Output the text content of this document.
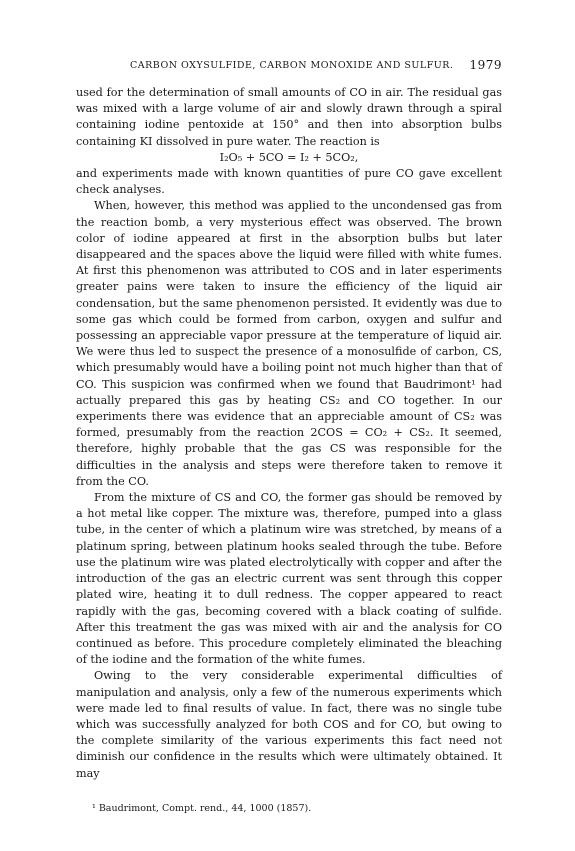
CARBON OXYSULFIDE, CARBON MONOXIDE AND SULFUR. 1979

used for the determination of small amounts of CO in air. The residual gas was mixed with a large volume of air and slowly drawn through a spiral containing iodine pentoxide at 150° and then into absorption bulbs containing KI dissolved in pure water. The reaction is

I₂O₅ + 5CO = I₂ + 5CO₂,

and experiments made with known quantities of pure CO gave excellent check analyses.

When, however, this method was applied to the uncondensed gas from the reaction bomb, a very mysterious effect was observed. The brown color of iodine appeared at first in the absorption bulbs but later disappeared and the spaces above the liquid were filled with white fumes. At first this phenomenon was attributed to COS and in later esperiments greater pains were taken to insure the efficiency of the liquid air condensation, but the same phenomenon persisted. It evidently was due to some gas which could be formed from carbon, oxygen and sulfur and possessing an appreciable vapor pressure at the temperature of liquid air. We were thus led to suspect the presence of a monosulfide of carbon, CS, which presumably would have a boiling point not much higher than that of CO. This suspicion was confirmed when we found that Baudrimont¹ had actually prepared this gas by heating CS₂ and CO together. In our experiments there was evidence that an appreciable amount of CS₂ was formed, presumably from the reaction 2COS = CO₂ + CS₂. It seemed, therefore, highly probable that the gas CS was responsible for the difficulties in the analysis and steps were therefore taken to remove it from the CO.

From the mixture of CS and CO, the former gas should be removed by a hot metal like copper. The mixture was, therefore, pumped into a glass tube, in the center of which a platinum wire was stretched, by means of a platinum spring, between platinum hooks sealed through the tube. Before use the platinum wire was plated electrolytically with copper and after the introduction of the gas an electric current was sent through this copper plated wire, heating it to dull redness. The copper appeared to react rapidly with the gas, becoming covered with a black coating of sulfide. After this treatment the gas was mixed with air and the analysis for CO continued as before. This procedure completely eliminated the bleaching of the iodine and the formation of the white fumes.

Owing to the very considerable experimental difficulties of manipulation and analysis, only a few of the numerous experiments which were made led to final results of value. In fact, there was no single tube which was successfully analyzed for both COS and for CO, but owing to the complete similarity of the various experiments this fact need not diminish our confidence in the results which were ultimately obtained. It may

¹ Baudrimont, Compt. rend., 44, 1000 (1857).
